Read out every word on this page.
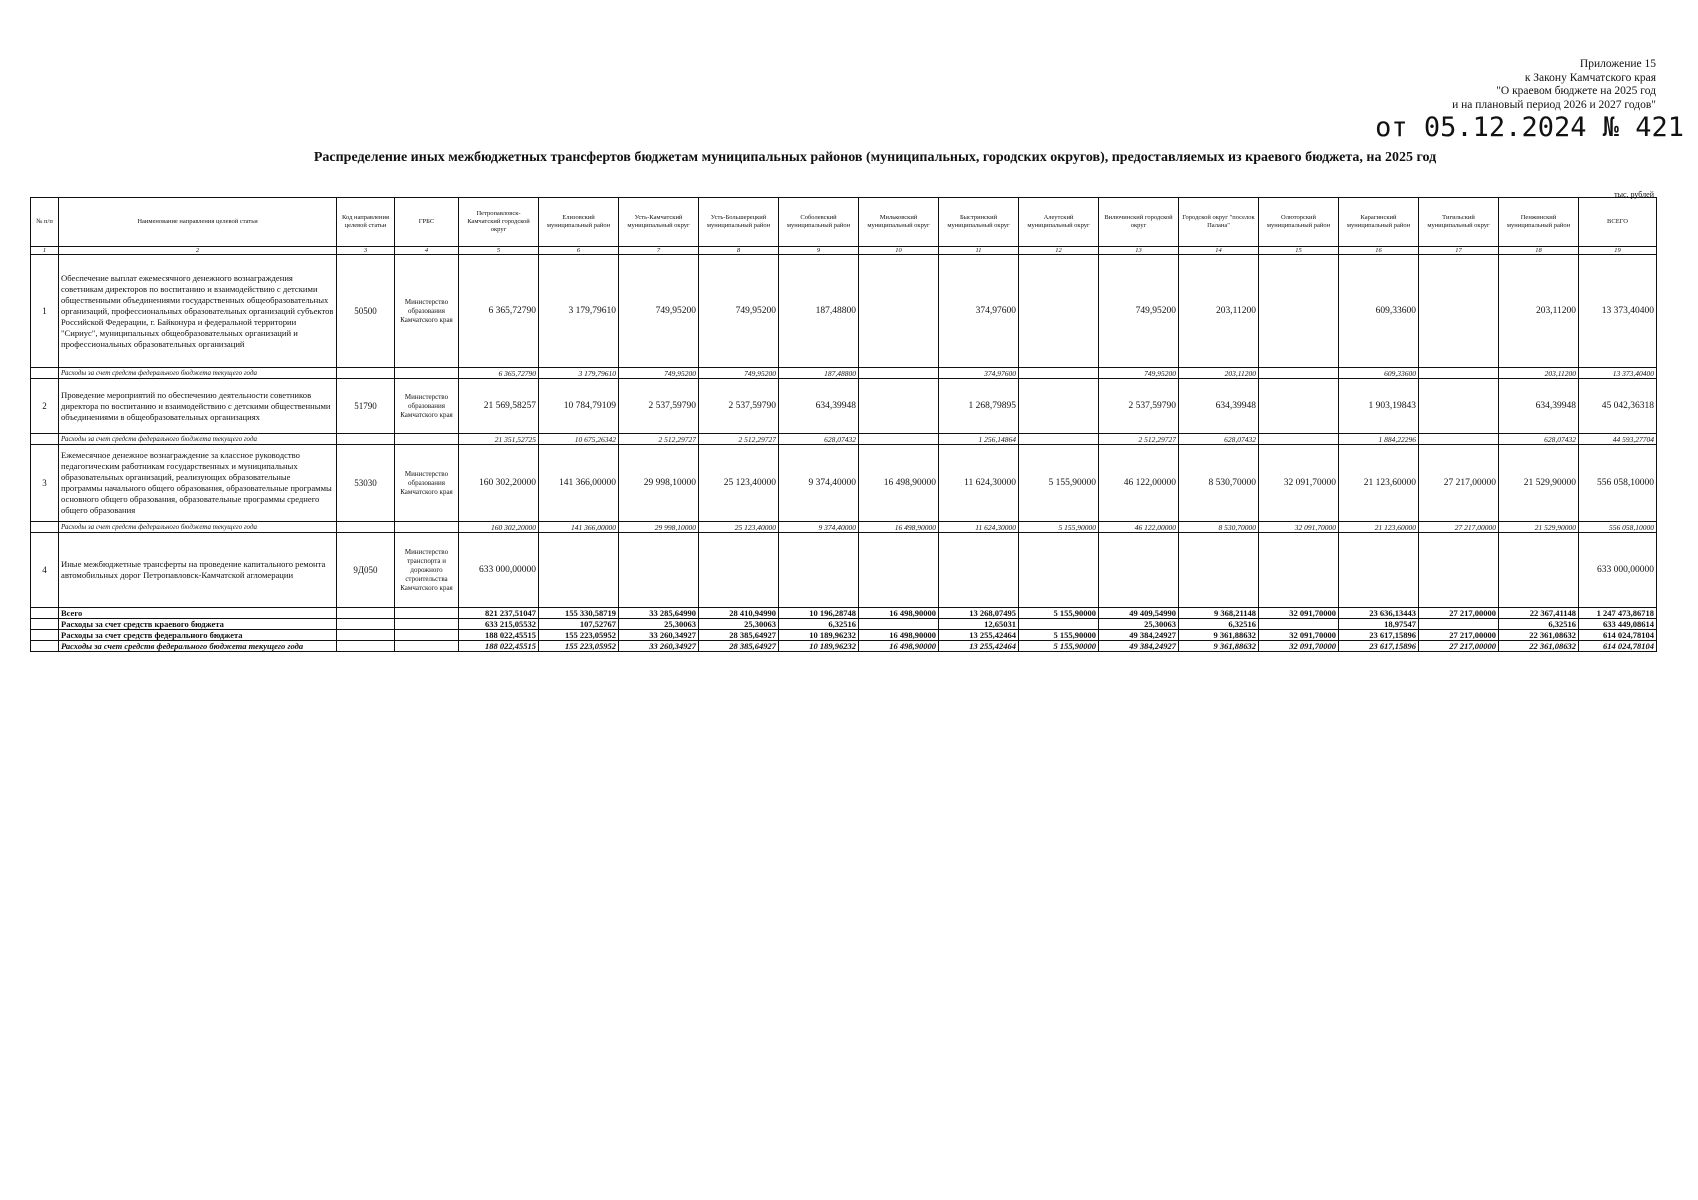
Приложение 15
к Закону Камчатского края
"О краевом бюджете на 2025 год
и на плановый период 2026 и 2027 годов"
от 05.12.2024 № 421
Распределение иных межбюджетных трансфертов бюджетам муниципальных районов (муниципальных, городских округов), предоставляемых из краевого бюджета, на 2025 год
тыс. рублей
№ п/п	Наименование направления целевой статьи	Код направления целевой статьи	ГРБС	Петропавловск-Камчатский городской округ	Елизовский муниципальный район	Усть-Камчатский муниципальный округ	Усть-Большерецкий муниципальный район	Соболевский муниципальный район	Мильковский муниципальный округ	Быстринский муниципальный округ	Алеутский муниципальный округ	Вилючинский городской округ	Городской округ "поселок Палана"	Олюторский муниципальный район	Карагинский муниципальный район	Тигильский муниципальный округ	Пенжинский муниципальный район	ВСЕГО
1	2	3	4	5	6	7	8	9	10	11	12	13	14	15	16	17	18	19
1	Обеспечение выплат ежемесячного денежного вознаграждения советникам директоров по воспитанию и взаимодействию с детскими общественными объединениями государственных общеобразовательных организаций, профессиональных образовательных организаций субъектов Российской Федерации, г. Байконура и федеральной территории "Сириус", муниципальных общеобразовательных организаций и профессиональных образовательных организаций	50500	Министерство образования Камчатского края	6 365,72790	3 179,79610	749,95200	749,95200	187,48800		374,97600		749,95200	203,11200		609,33600		203,11200	13 373,40400
	Расходы за счет средств федерального бюджета текущего года			6 365,72790	3 179,79610	749,95200	749,95200	187,48800		374,97600		749,95200	203,11200		609,33600		203,11200	13 373,40400
2	Проведение мероприятий по обеспечению деятельности советников директора по воспитанию и взаимодействию с детскими общественными объединениями в общеобразовательных организациях	51790	Министерство образования Камчатского края	21 569,58257	10 784,79109	2 537,59790	2 537,59790	634,39948		1 268,79895		2 537,59790	634,39948		1 903,19843		634,39948	45 042,36318
	Расходы за счет средств федерального бюджета текущего года			21 351,52725	10 675,26342	2 512,29727	2 512,29727	628,07432		1 256,14864		2 512,29727	628,07432		1 884,22296		628,07432	44 593,27704
3	Ежемесячное денежное вознаграждение за классное руководство педагогическим работникам государственных и муниципальных образовательных организаций, реализующих образовательные программы начального общего образования, образовательные программы основного общего образования, образовательные программы среднего общего образования	53030	Министерство образования Камчатского края	160 302,20000	141 366,00000	29 998,10000	25 123,40000	9 374,40000	16 498,90000	11 624,30000	5 155,90000	46 122,00000	8 530,70000	32 091,70000	21 123,60000	27 217,00000	21 529,90000	556 058,10000
	Расходы за счет средств федерального бюджета текущего года			160 302,20000	141 366,00000	29 998,10000	25 123,40000	9 374,40000	16 498,90000	11 624,30000	5 155,90000	46 122,00000	8 530,70000	32 091,70000	21 123,60000	27 217,00000	21 529,90000	556 058,10000
4	Иные межбюджетные трансферты на проведение капитального ремонта автомобильных дорог Петропавловск-Камчатской агломерации	9Д050	Министерство транспорта и дорожного строительства Камчатского края	633 000,00000														633 000,00000
	Всего			821 237,51047	155 330,58719	33 285,64990	28 410,94990	10 196,28748	16 498,90000	13 268,07495	5 155,90000	49 409,54990	9 368,21148	32 091,70000	23 636,13443	27 217,00000	22 367,41148	1 247 473,86718
	Расходы за счет средств краевого бюджета			633 215,05532	107,52767	25,30063	25,30063	6,32516		12,65031		25,30063	6,32516		18,97547		6,32516	633 449,08614
	Расходы за счет средств федерального бюджета			188 022,45515	155 223,05952	33 260,34927	28 385,64927	10 189,96232	16 498,90000	13 255,42464	5 155,90000	49 384,24927	9 361,88632	32 091,70000	23 617,15896	27 217,00000	22 361,08632	614 024,78104
	Расходы за счет средств федерального бюджета текущего года			188 022,45515	155 223,05952	33 260,34927	28 385,64927	10 189,96232	16 498,90000	13 255,42464	5 155,90000	49 384,24927	9 361,88632	32 091,70000	23 617,15896	27 217,00000	22 361,08632	614 024,78104
